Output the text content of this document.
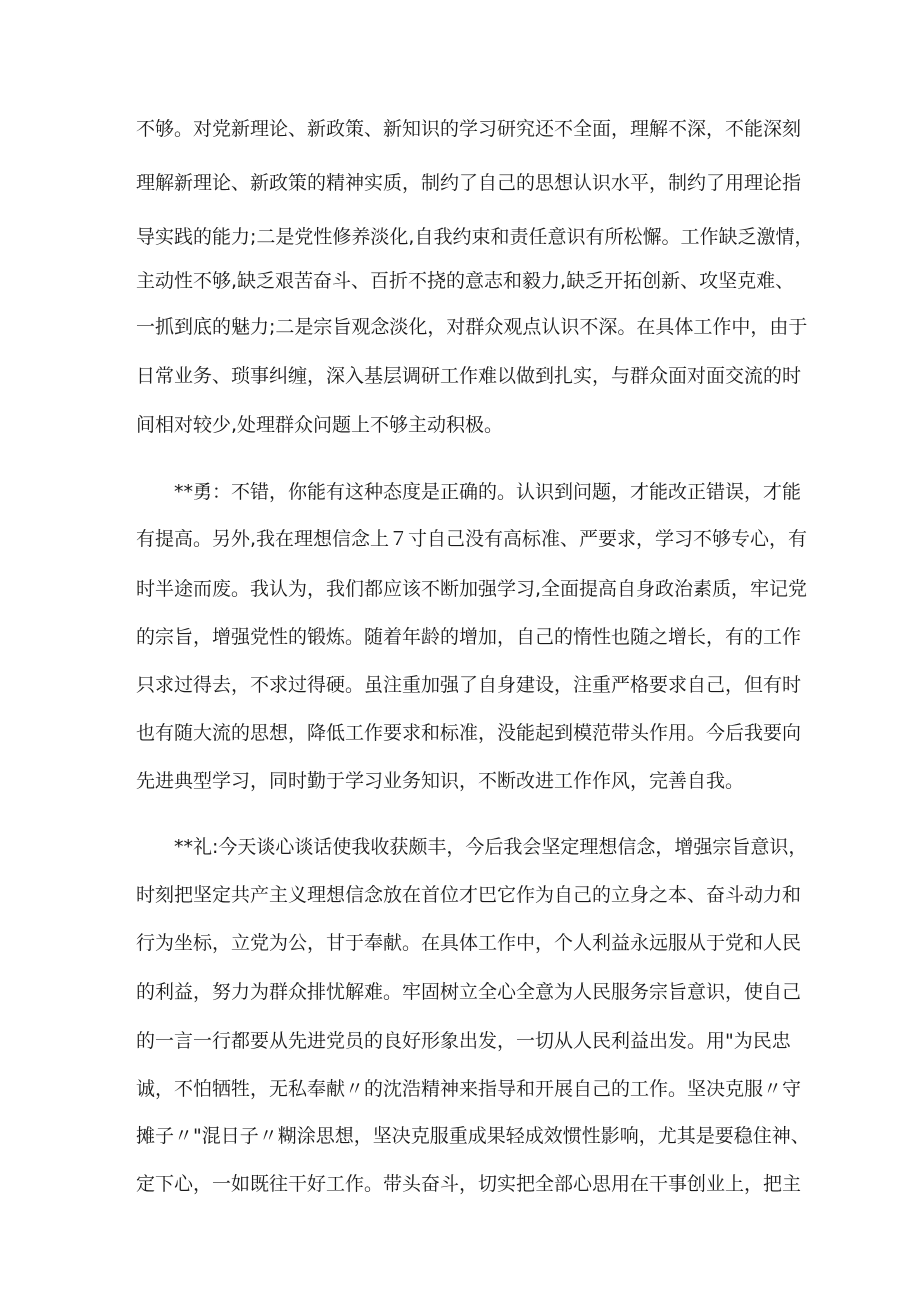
不够。对党新理论、新政策、新知识的学习研究还不全面，理解不深，不能深刻
理解新理论、新政策的精神实质，制约了自己的思想认识水平，制约了用理论指
导实践的能力;二是党性修养淡化,自我约束和责任意识有所松懈。工作缺乏激情，
主动性不够,缺乏艰苦奋斗、百折不挠的意志和毅力,缺乏开拓创新、攻坚克难、
一抓到底的魅力;二是宗旨观念淡化，对群众观点认识不深。在具体工作中，由于
日常业务、琐事纠缠，深入基层调研工作难以做到扎实，与群众面对面交流的时
间相对较少,处理群众问题上不够主动积极。
**勇：不错，你能有这种态度是正确的。认识到问题，才能改正错误，才能
有提高。另外,我在理想信念上７寸自己没有高标准、严要求，学习不够专心，有
时半途而废。我认为，我们都应该不断加强学习,全面提高自身政治素质，牢记党
的宗旨，增强党性的锻炼。随着年龄的增加，自己的惰性也随之增长，有的工作
只求过得去，不求过得硬。虽注重加强了自身建设，注重严格要求自己，但有时
也有随大流的思想，降低工作要求和标准，没能起到模范带头作用。今后我要向
先进典型学习，同时勤于学习业务知识，不断改进工作作风，完善自我。
**礼:今天谈心谈话使我收获颇丰，今后我会坚定理想信念，增强宗旨意识，
时刻把坚定共产主义理想信念放在首位才巴它作为自己的立身之本、奋斗动力和
行为坐标，立党为公，甘于奉献。在具体工作中，个人利益永远服从于党和人民
的利益，努力为群众排忧解难。牢固树立全心全意为人民服务宗旨意识，使自己
的一言一行都要从先进党员的良好形象出发，一切从人民利益出发。用"为民忠
诚，不怕牺牲，无私奉献〃的沈浩精神来指导和开展自己的工作。坚决克服〃守
摊子〃"混日子〃糊涂思想，坚决克服重成果轻成效惯性影响，尤其是要稳住神、
定下心，一如既往干好工作。带头奋斗，切实把全部心思用在干事创业上，把主
